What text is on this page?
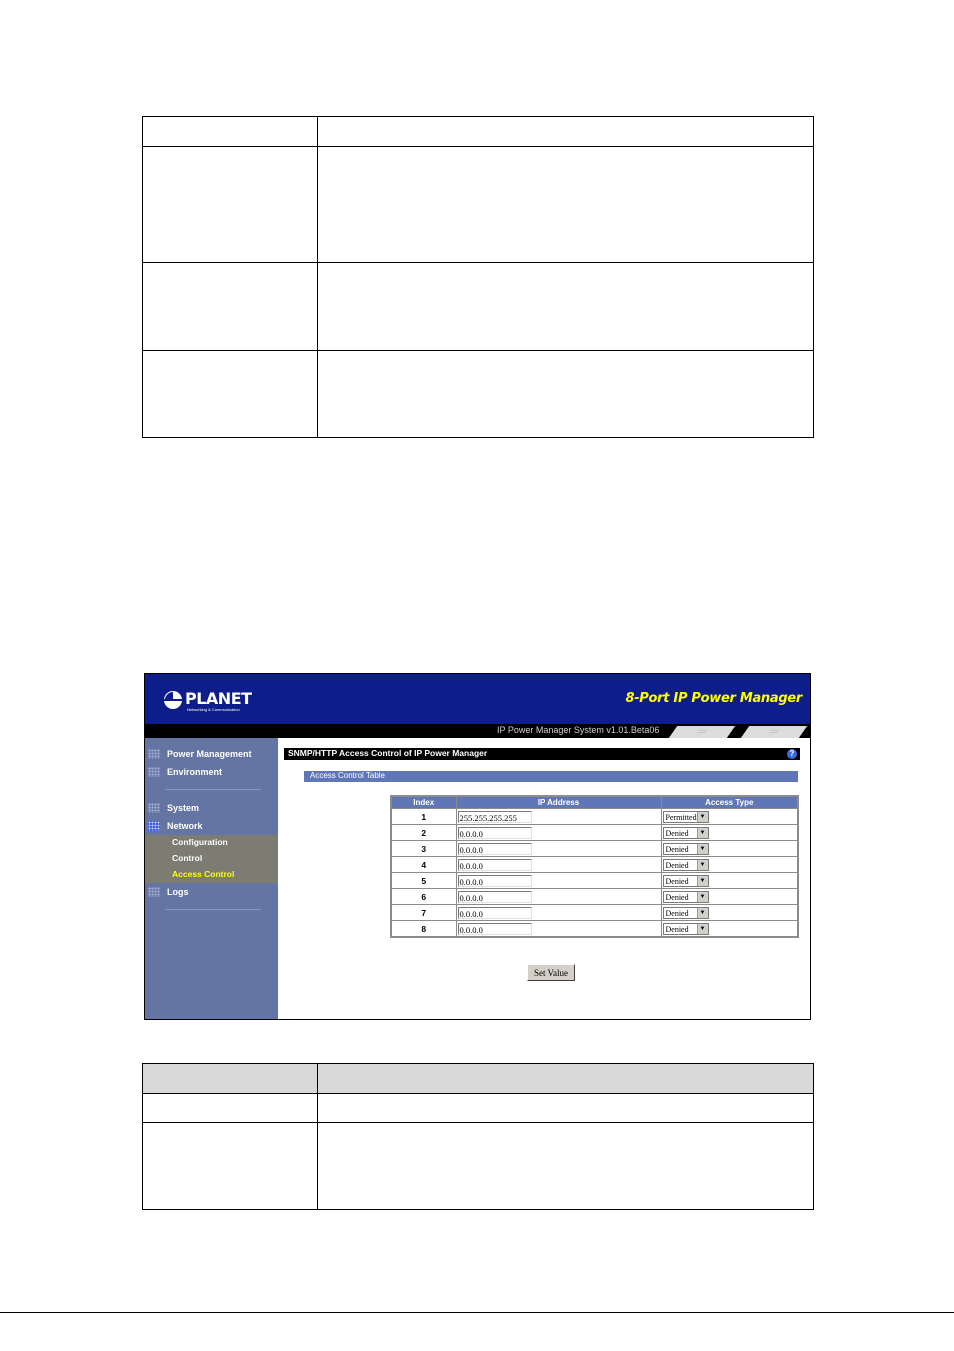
PLANET
Networking & Communication
8-Port IP Power Manager
IP Power Manager System v1.01.Beta06	:::::	:::::
Power Management
Environment
System
Network
Logs
Configuration
Control
Access Control
SNMP/HTTP Access Control of IP Power Manager	?
Access Control Table
Index	IP Address	Access Type
1	255.255.255.255	Permitted ▼

2	0.0.0.0	Denied ▼

3	0.0.0.0	Denied ▼

4	0.0.0.0	Denied ▼

5	0.0.0.0	Denied ▼

6	0.0.0.0	Denied ▼

7	0.0.0.0	Denied ▼

8	0.0.0.0	Denied ▼
Set Value
